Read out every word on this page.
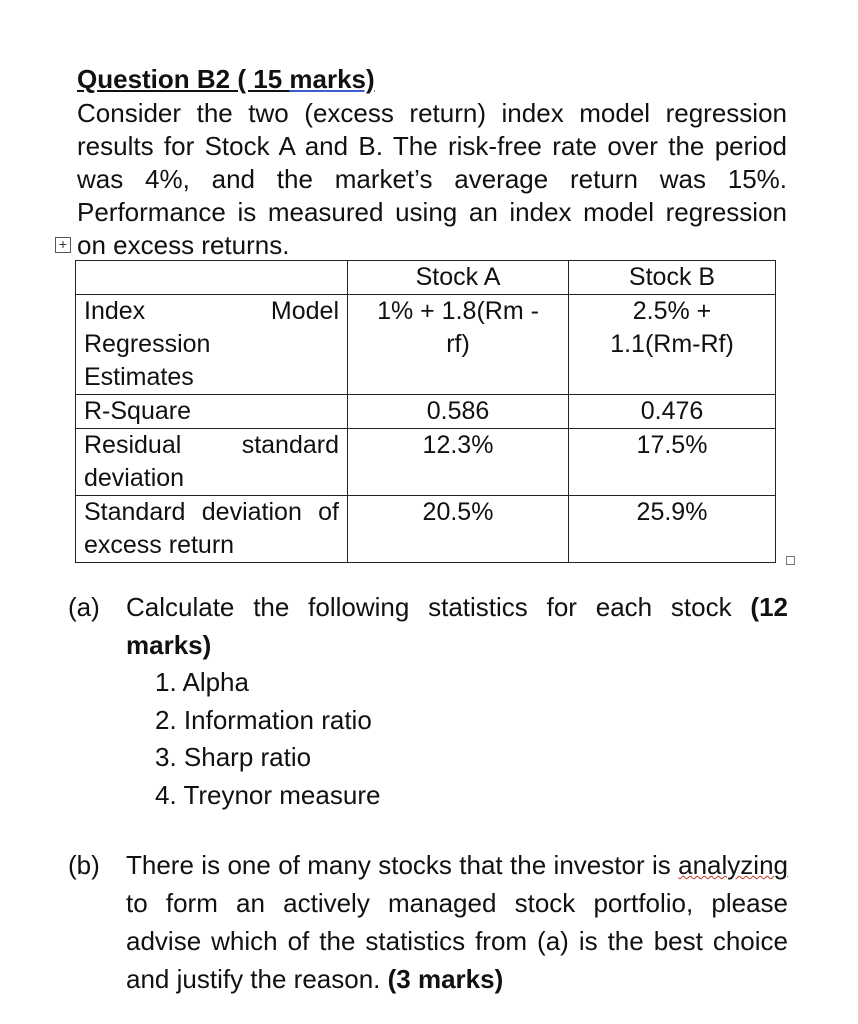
Question B2 ( 15 marks)
Consider the two (excess return) index model regression results for Stock A and B. The risk-free rate over the period was 4%, and the market’s average return was 15%. Performance is measured using an index model regression on excess returns.
+
	Stock A	Stock B

Index Model
Regression Estimates	1% + 1.8(Rm - rf)	2.5% + 1.1(Rm-Rf)

R-Square	0.586	0.476

Residual standard deviation	12.3%	17.5%

Standard deviation of excess return	20.5%	25.9%
(a) Calculate the following statistics for each stock (12 marks)
1. Alpha
2. Information ratio
3. Sharp ratio
4. Treynor measure
(b) There is one of many stocks that the investor is analyzing to form an actively managed stock portfolio, please advise which of the statistics from (a) is the best choice and justify the reason. (3 marks)
